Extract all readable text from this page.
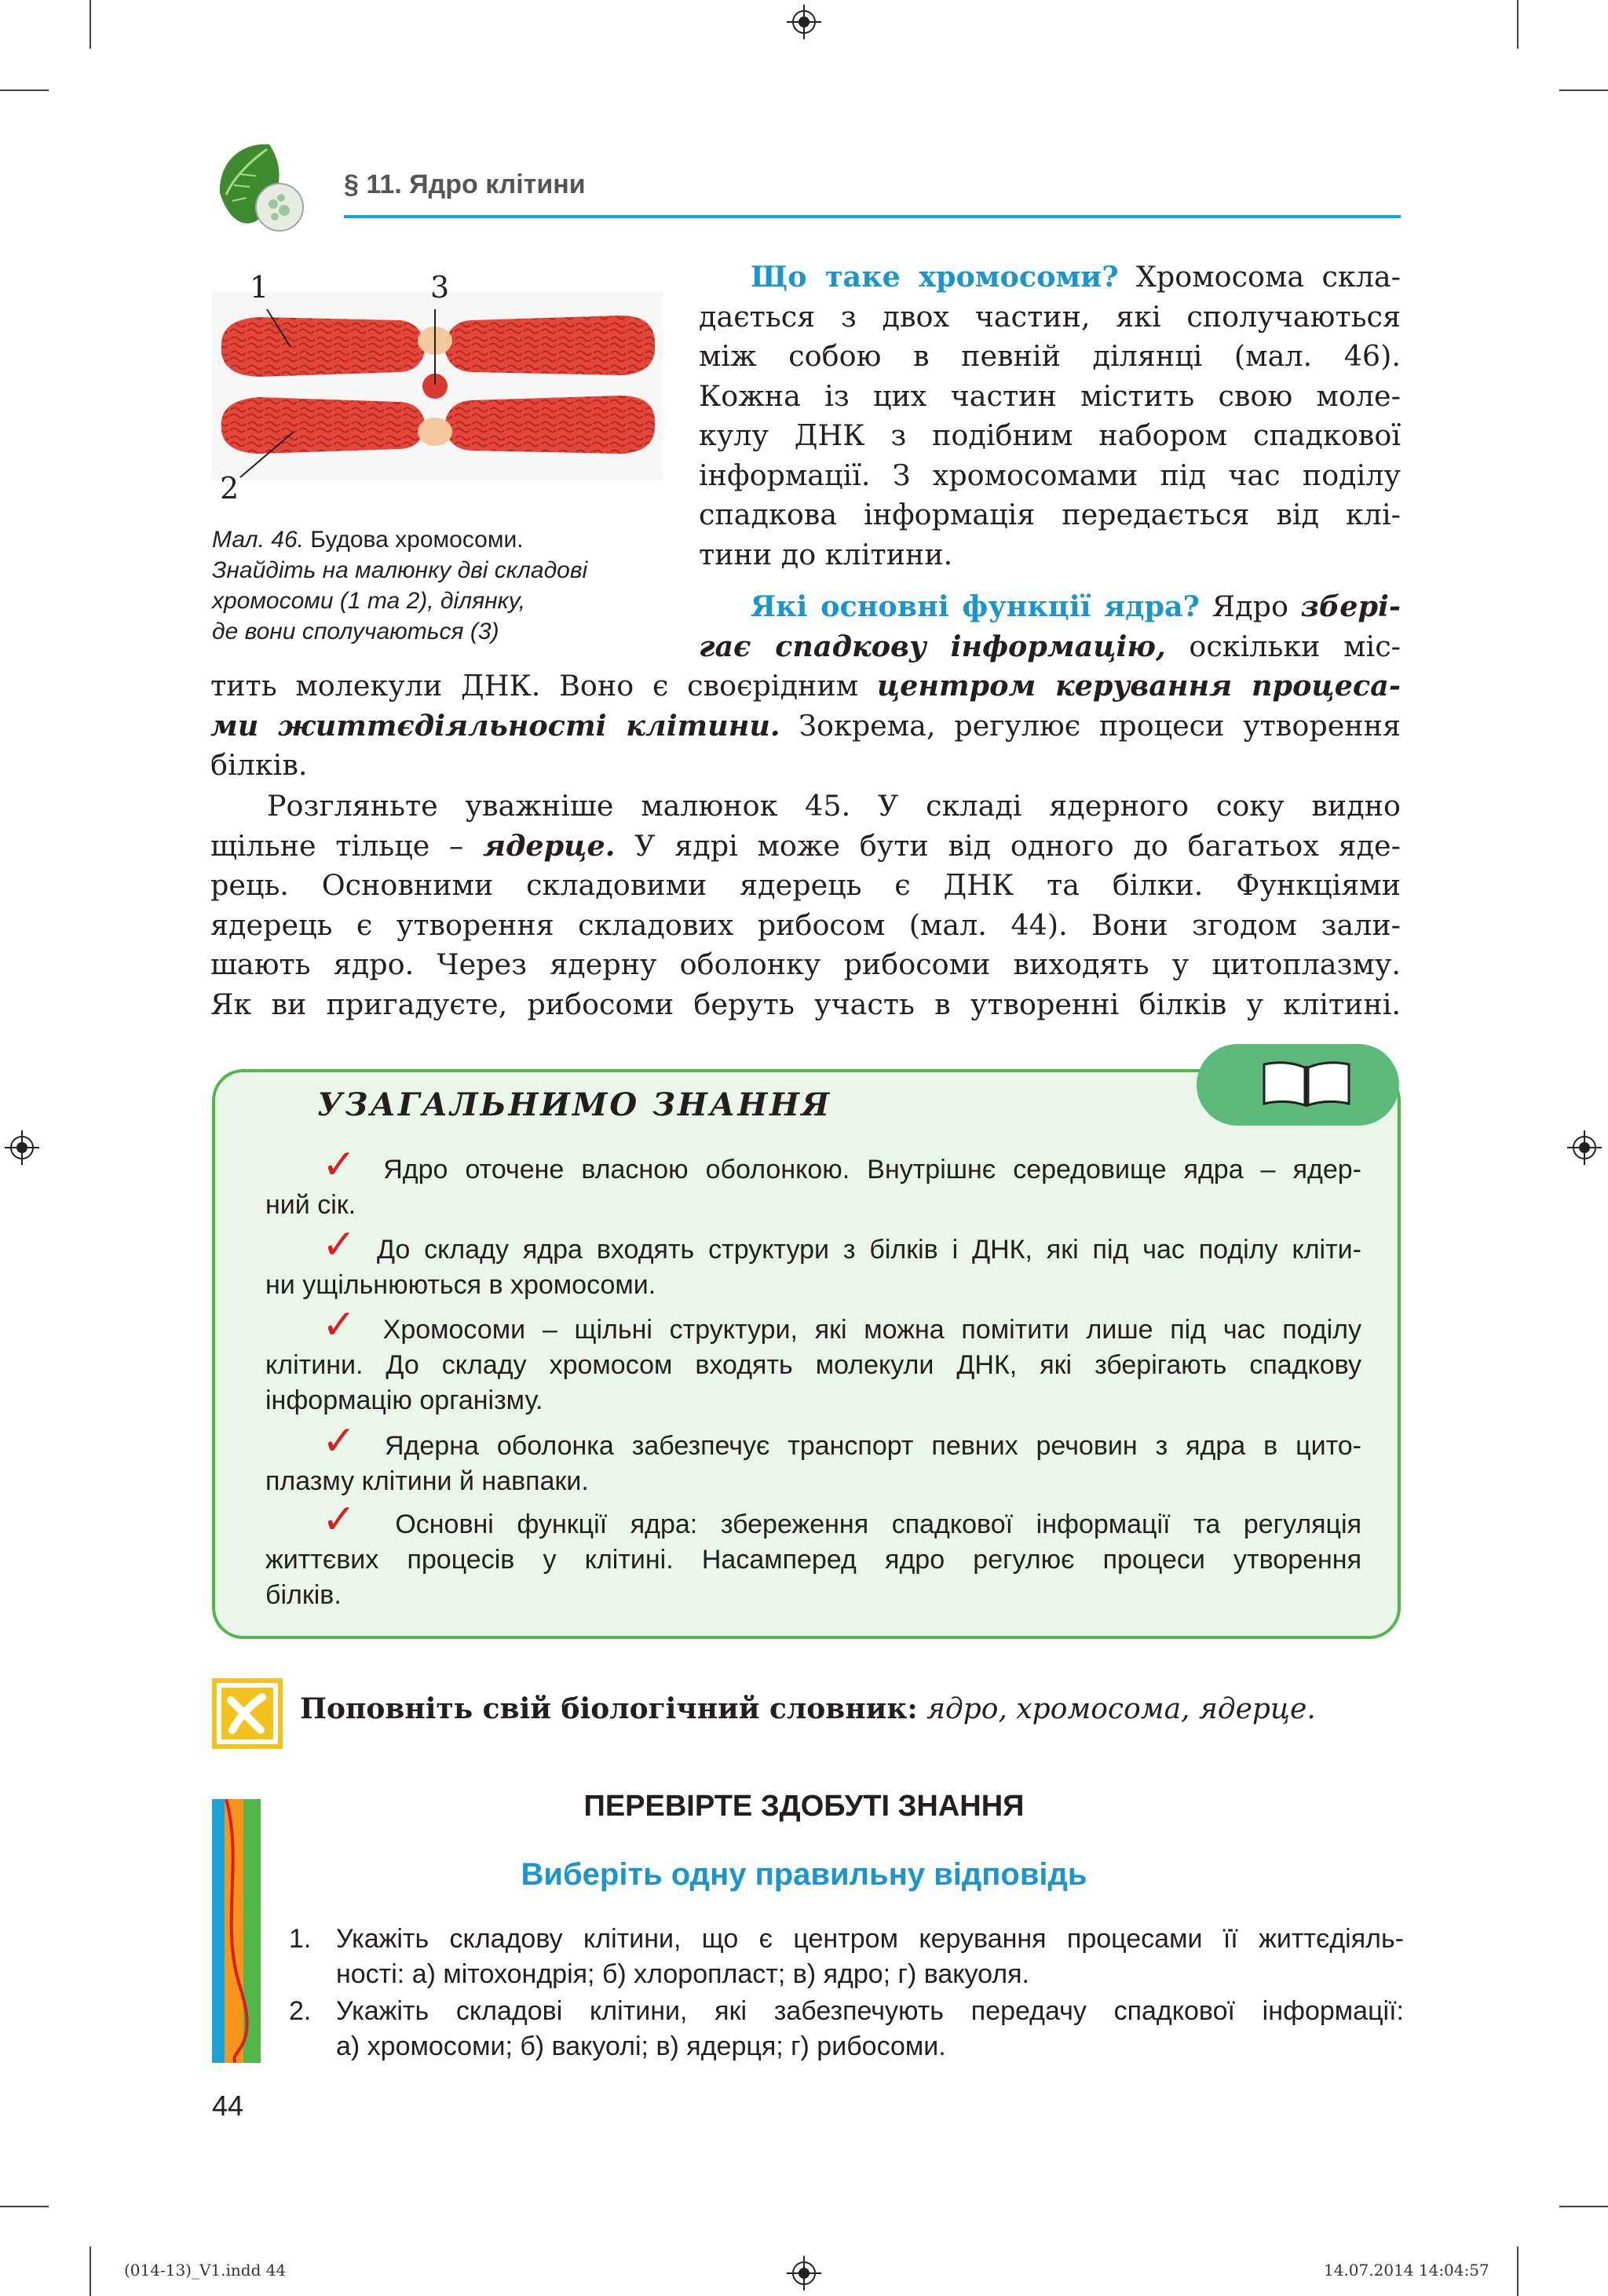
§ 11. Ядро клітини
1	3
2
Мал. 46. Будова хромосоми.
Знайдіть на малюнку дві складові
хромосоми (1 та 2), ділянку,
де вони сполучаються (3)
Що таке хромосоми? Хромосома скла-
дається з двох частин, які сполучаються
між собою в певній ділянці (мал. 46).
Кожна із цих частин містить свою моле-
кулу ДНК з подібним набором спадкової
інформації. З хромосомами під час поділу
спадкова інформація передається від клі-
тини до клітини.
Які основні функції ядра? Ядро зберi-
гає спадкову інформацію, оскільки міс-
тить молекули ДНК. Воно є своєрідним центром керування процеса-
ми життєдіяльності клітини. Зокрема, регулює процеси утворення
білків.
Розгляньте уважніше малюнок 45. У складі ядерного соку видно
щільне тільце – ядерце. У ядрі може бути від одного до багатьох яде-
рець. Основними складовими ядерець є ДНК та білки. Функціями
ядерець є утворення складових рибосом (мал. 44). Вони згодом зали-
шають ядро. Через ядерну оболонку рибосоми виходять у цитоплазму.
Як ви пригадуєте, рибосоми беруть участь в утворенні білків у клітині.
УЗАГАЛЬНИМО ЗНАННЯ
✓ Ядро оточене власною оболонкою. Внутрішнє середовище ядра – ядер-
ний сік.
✓ До складу ядра входять структури з білків і ДНК, які під час поділу кліти-
ни ущільнюються в хромосоми.
✓ Хромосоми – щільні структури, які можна помітити лише під час поділу
клітини. До складу хромосом входять молекули ДНК, які зберігають спадкову
інформацію організму.
✓ Ядерна оболонка забезпечує транспорт певних речовин з ядра в цито-
плазму клітини й навпаки.
✓ Основні функції ядра: збереження спадкової інформації та регуляція
життєвих процесів у клітині. Насамперед ядро регулює процеси утворення
білків.
Поповніть свій біологічний словник: ядро, хромосома, ядерце.
ПЕРЕВІРТЕ ЗДОБУТІ ЗНАННЯ
Виберіть одну правильну відповідь
1. Укажіть складову клітини, що є центром керування процесами її життєдіяль-
ності: а) мітохондрія; б) хлоропласт; в) ядро; г) вакуоля.
2. Укажіть складові клітини, які забезпечують передачу спадкової інформації:
а) хромосоми; б) вакуолі; в) ядерця; г) рибосоми.
44
(014-13)_V1.indd 44	14.07.2014 14:04:57
